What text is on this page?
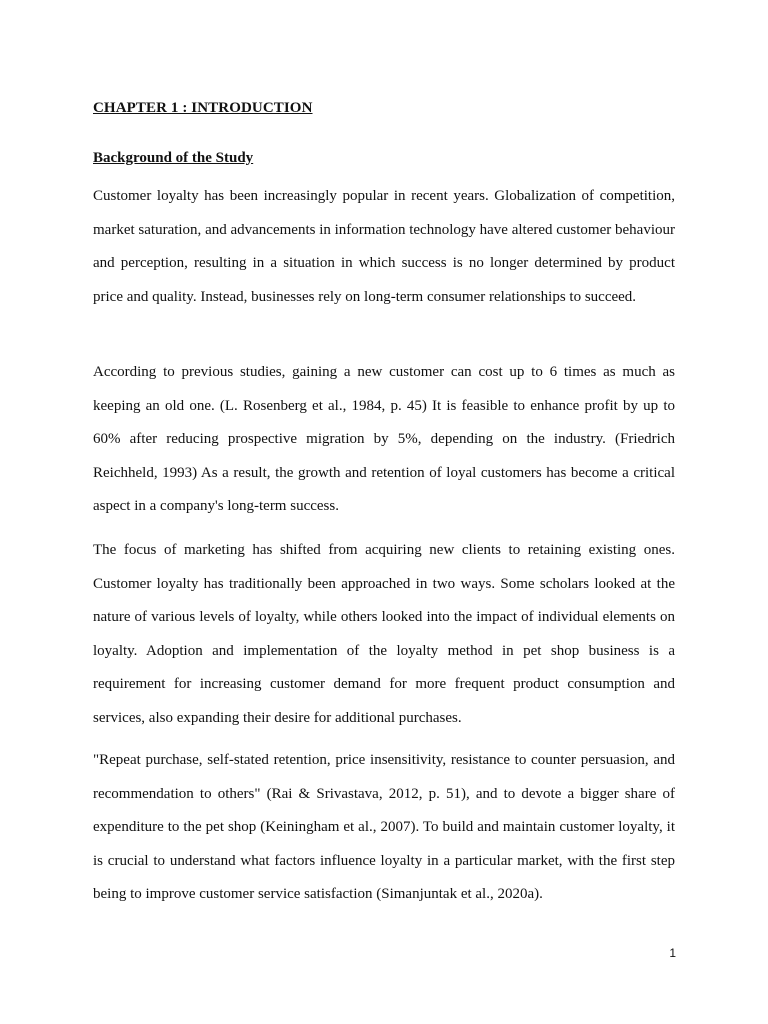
CHAPTER 1 : INTRODUCTION
Background of the Study

Customer loyalty has been increasingly popular in recent years. Globalization of competition, market saturation, and advancements in information technology have altered customer behaviour and perception, resulting in a situation in which success is no longer determined by product price and quality. Instead, businesses rely on long-term consumer relationships to succeed.

According to previous studies, gaining a new customer can cost up to 6 times as much as keeping an old one. (L. Rosenberg et al., 1984, p. 45) It is feasible to enhance profit by up to 60% after reducing prospective migration by 5%, depending on the industry. (Friedrich Reichheld, 1993) As a result, the growth and retention of loyal customers has become a critical aspect in a company's long-term success.

The focus of marketing has shifted from acquiring new clients to retaining existing ones. Customer loyalty has traditionally been approached in two ways. Some scholars looked at the nature of various levels of loyalty, while others looked into the impact of individual elements on loyalty. Adoption and implementation of the loyalty method in pet shop business is a requirement for increasing customer demand for more frequent product consumption and services, also expanding their desire for additional purchases.

"Repeat purchase, self-stated retention, price insensitivity, resistance to counter persuasion, and recommendation to others" (Rai & Srivastava, 2012, p. 51), and to devote a bigger share of expenditure to the pet shop (Keiningham et al., 2007). To build and maintain customer loyalty, it is crucial to understand what factors influence loyalty in a particular market, with the first step being to improve customer service satisfaction (Simanjuntak et al., 2020a).

1
